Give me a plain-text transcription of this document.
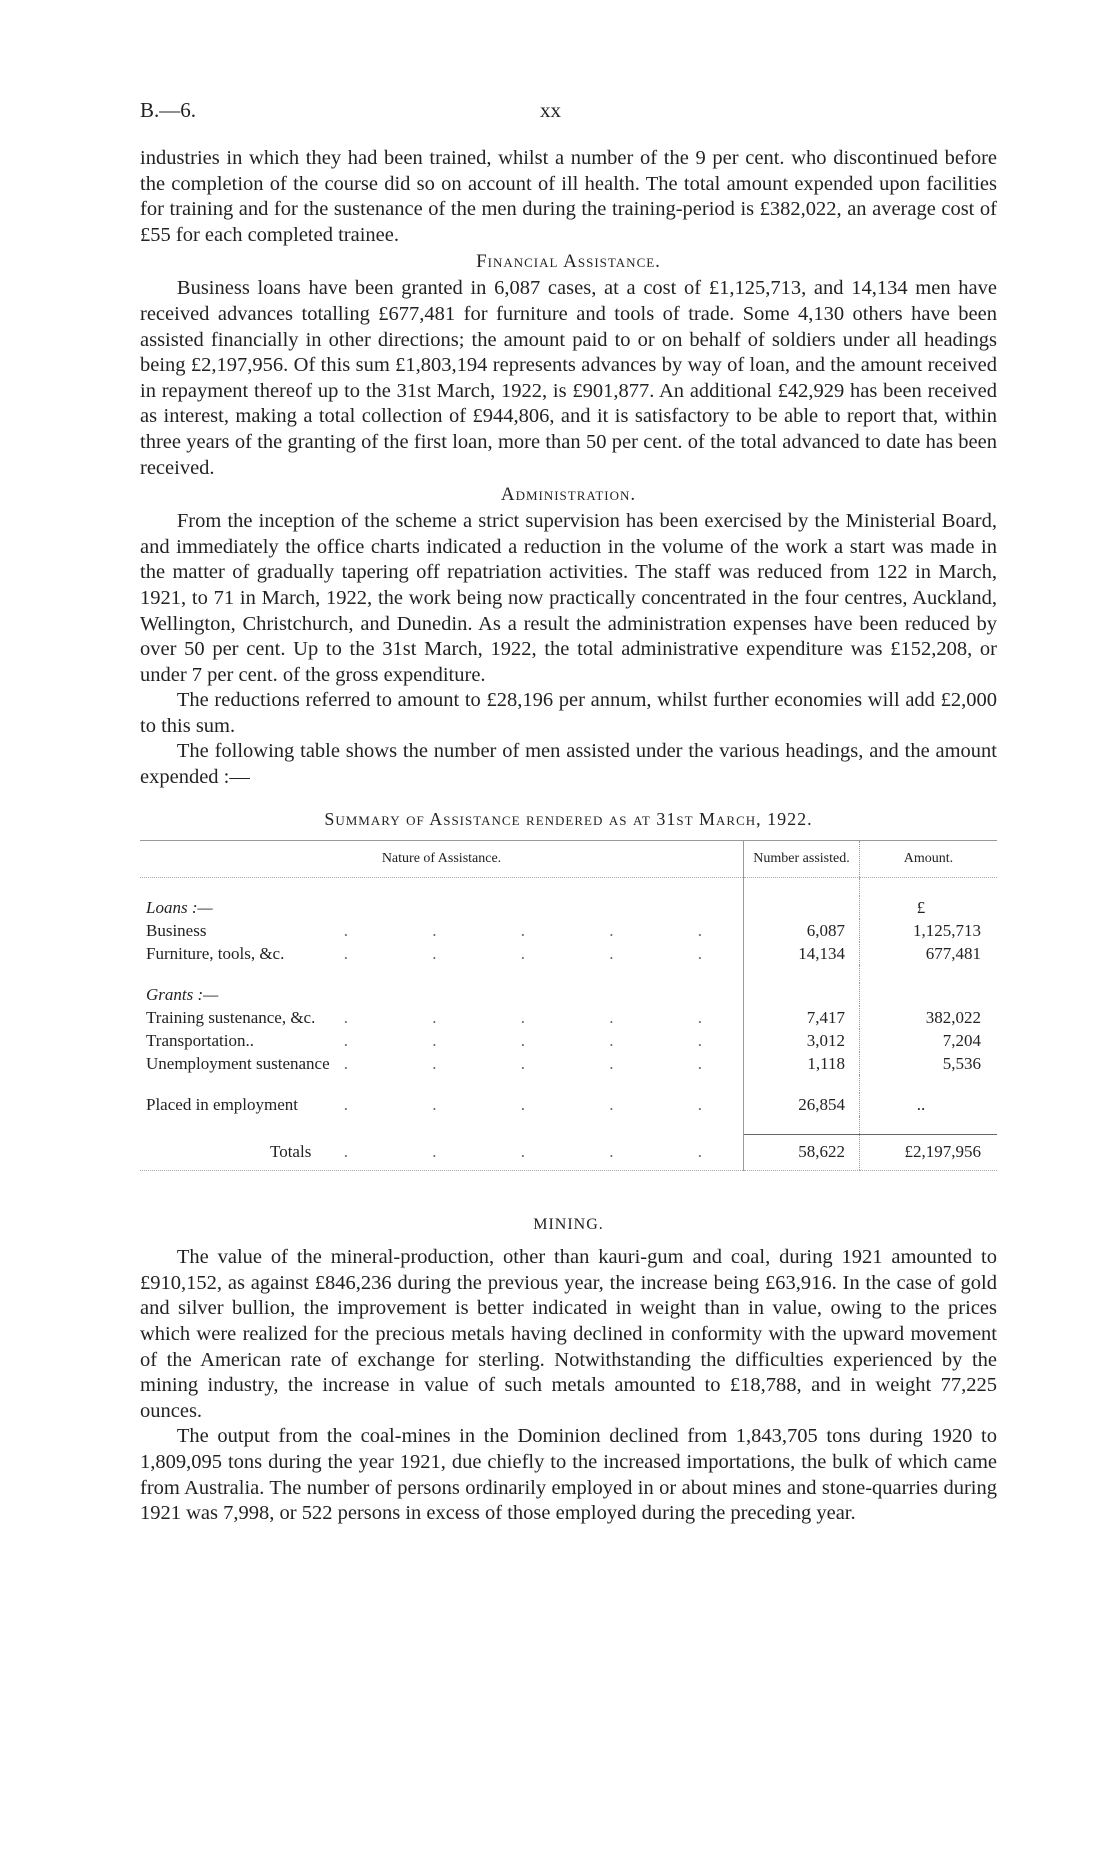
B.—6.	xx

industries in which they had been trained, whilst a number of the 9 per cent. who discontinued before the completion of the course did so on account of ill health. The total amount expended upon facilities for training and for the sustenance of the men during the training-period is £382,022, an average cost of £55 for each completed trainee.

Financial Assistance.

Business loans have been granted in 6,087 cases, at a cost of £1,125,713, and 14,134 men have received advances totalling £677,481 for furniture and tools of trade. Some 4,130 others have been assisted financially in other directions; the amount paid to or on behalf of soldiers under all headings being £2,197,956. Of this sum £1,803,194 represents advances by way of loan, and the amount received in repayment thereof up to the 31st March, 1922, is £901,877. An additional £42,929 has been received as interest, making a total collection of £944,806, and it is satisfactory to be able to report that, within three years of the granting of the first loan, more than 50 per cent. of the total advanced to date has been received.

Administration.

From the inception of the scheme a strict supervision has been exercised by the Ministerial Board, and immediately the office charts indicated a reduction in the volume of the work a start was made in the matter of gradually tapering off repatriation activities. The staff was reduced from 122 in March, 1921, to 71 in March, 1922, the work being now practically concentrated in the four centres, Auckland, Wellington, Christchurch, and Dunedin. As a result the administration expenses have been reduced by over 50 per cent. Up to the 31st March, 1922, the total administrative expenditure was £152,208, or under 7 per cent. of the gross expenditure.

The reductions referred to amount to £28,196 per annum, whilst further economies will add £2,000 to this sum.

The following table shows the number of men assisted under the various headings, and the amount expended :—

Summary of Assistance rendered as at 31st March, 1922.
Nature of Assistance.	Number assisted.	Amount.

Loans :—		£
Business . . . . .	6,087	1,125,713
Furniture, tools, &c. . . . . .	14,134	677,481

Grants :—		
Training sustenance, &c. . . . . .	7,417	382,022
Transportation.. . . . . .	3,012	7,204
Unemployment sustenance . . . . .	1,118	5,536

Placed in employment . . . . .	26,854	..

Totals . . . . .	58,622	£2,197,956
MINING.

The value of the mineral-production, other than kauri-gum and coal, during 1921 amounted to £910,152, as against £846,236 during the previous year, the increase being £63,916. In the case of gold and silver bullion, the improvement is better indicated in weight than in value, owing to the prices which were realized for the precious metals having declined in conformity with the upward movement of the American rate of exchange for sterling. Notwithstanding the difficulties experienced by the mining industry, the increase in value of such metals amounted to £18,788, and in weight 77,225 ounces.

The output from the coal-mines in the Dominion declined from 1,843,705 tons during 1920 to 1,809,095 tons during the year 1921, due chiefly to the increased importations, the bulk of which came from Australia. The number of persons ordinarily employed in or about mines and stone-quarries during 1921 was 7,998, or 522 persons in excess of those employed during the preceding year.
